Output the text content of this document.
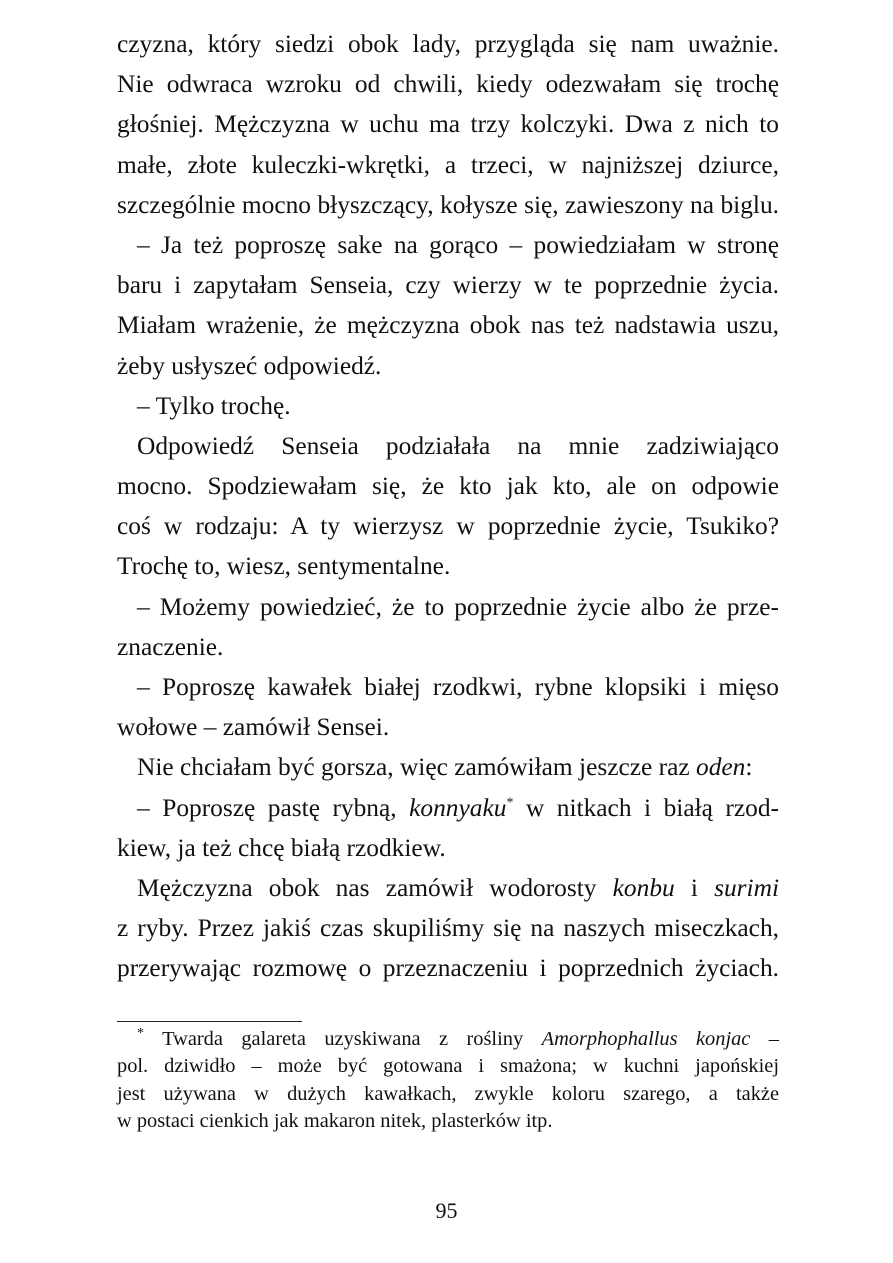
czyzna, który siedzi obok lady, przygląda się nam uważnie.
Nie odwraca wzroku od chwili, kiedy odezwałam się trochę
głośniej. Mężczyzna w uchu ma trzy kolczyki. Dwa z nich to
małe, złote kuleczki-wkrętki, a trzeci, w najniższej dziurce,
szczególnie mocno błyszczący, kołysze się, zawieszony na biglu.
– Ja też poproszę sake na gorąco – powiedziałam w stronę
baru i zapytałam Senseia, czy wierzy w te poprzednie życia.
Miałam wrażenie, że mężczyzna obok nas też nadstawia uszu,
żeby usłyszeć odpowiedź.
– Tylko trochę.
Odpowiedź Senseia podziałała na mnie zadziwiająco
mocno. Spodziewałam się, że kto jak kto, ale on odpowie
coś w rodzaju: A ty wierzysz w poprzednie życie, Tsukiko?
Trochę to, wiesz, sentymentalne.
– Możemy powiedzieć, że to poprzednie życie albo że prze-
znaczenie.
– Poproszę kawałek białej rzodkwi, rybne klopsiki i mięso
wołowe – zamówił Sensei.
Nie chciałam być gorsza, więc zamówiłam jeszcze raz oden:
– Poproszę pastę rybną, konnyaku* w nitkach i białą rzod-
kiew, ja też chcę białą rzodkiew.
Mężczyzna obok nas zamówił wodorosty konbu i surimi
z ryby. Przez jakiś czas skupiliśmy się na naszych miseczkach,
przerywając rozmowę o przeznaczeniu i poprzednich życiach.
* Twarda galareta uzyskiwana z rośliny Amorphophallus konjac –
pol. dziwidło – może być gotowana i smażona; w kuchni japońskiej
jest używana w dużych kawałkach, zwykle koloru szarego, a także
w postaci cienkich jak makaron nitek, plasterków itp.
95
